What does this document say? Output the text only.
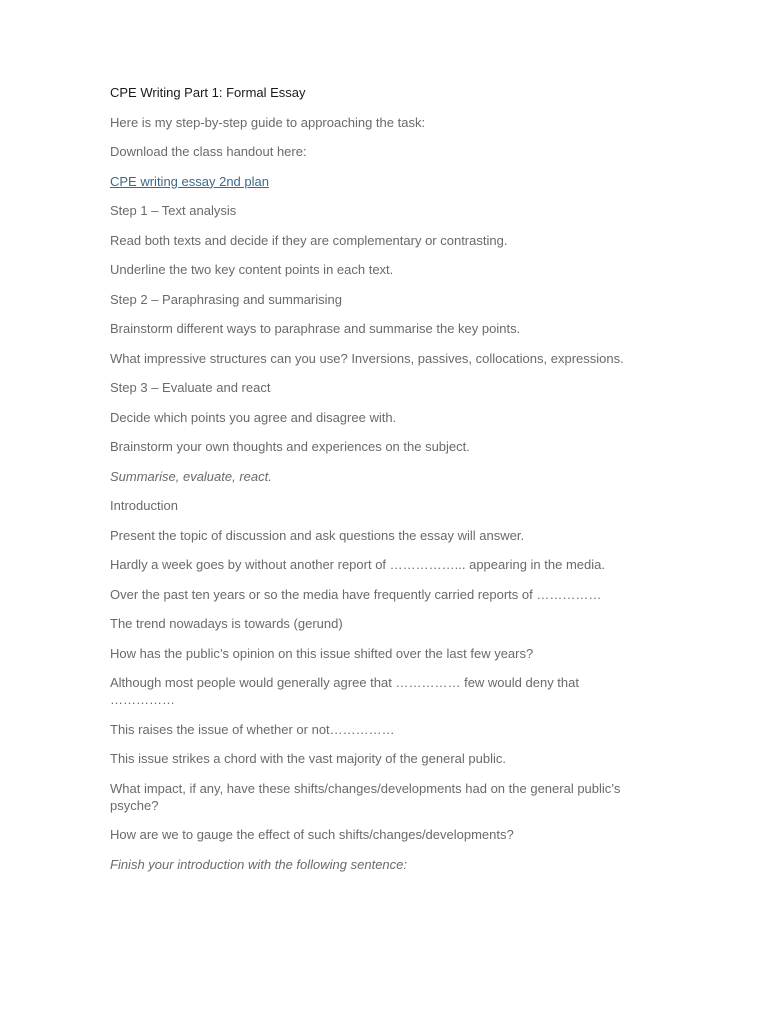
CPE Writing Part 1: Formal Essay
Here is my step-by-step guide to approaching the task:
Download the class handout here:
CPE writing essay 2nd plan
Step 1 – Text analysis
Read both texts and decide if they are complementary or contrasting.
Underline the two key content points in each text.
Step 2 – Paraphrasing and summarising
Brainstorm different ways to paraphrase and summarise the key points.
What impressive structures can you use? Inversions, passives, collocations, expressions.
Step 3 – Evaluate and react
Decide which points you agree and disagree with.
Brainstorm your own thoughts and experiences on the subject.
Summarise, evaluate, react.
Introduction
Present the topic of discussion and ask questions the essay will answer.
Hardly a week goes by without another report of ……………... appearing in the media.
Over the past ten years or so the media have frequently carried reports of ……………
The trend nowadays is towards (gerund)
How has the public’s opinion on this issue shifted over the last few years?
Although most people would generally agree that …………… few would deny that ……………
This raises the issue of whether or not……………
This issue strikes a chord with the vast majority of the general public.
What impact, if any, have these shifts/changes/developments had on the general public’s psyche?
How are we to gauge the effect of such shifts/changes/developments?
Finish your introduction with the following sentence:
